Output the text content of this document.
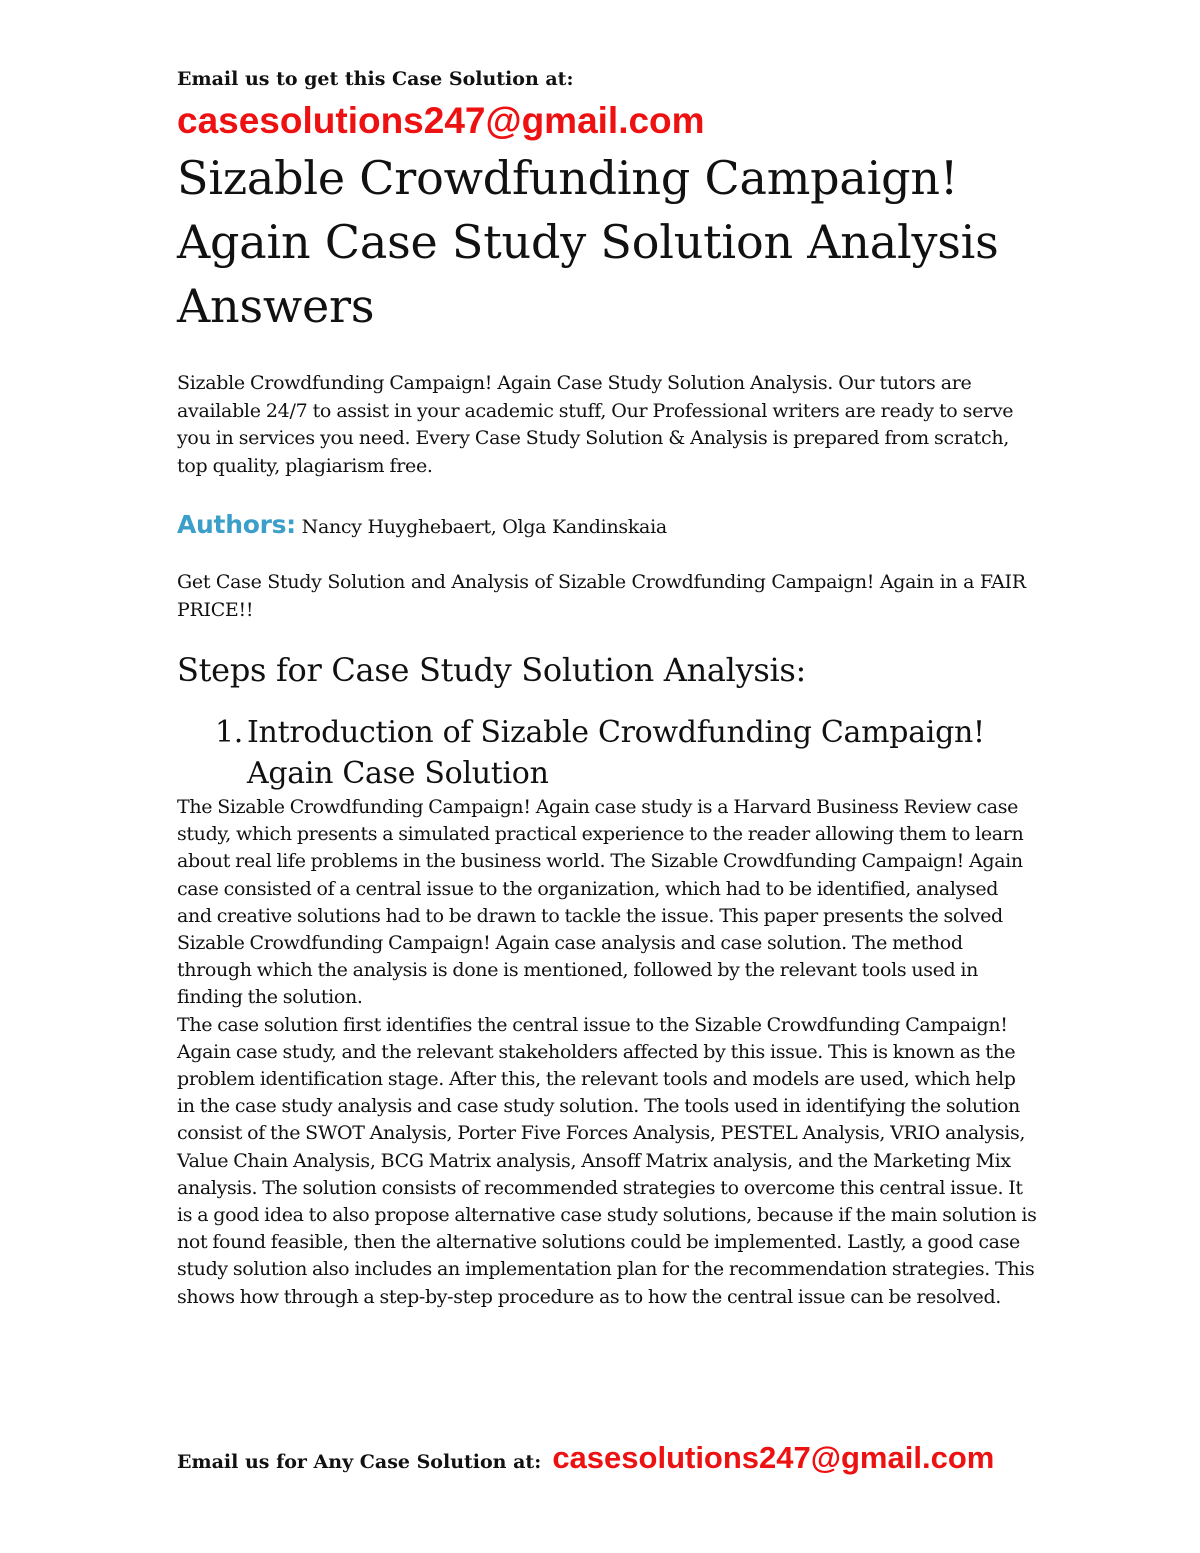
Email us to get this Case Solution at:

casesolutions247@gmail.com
Sizable Crowdfunding Campaign! Again Case Study Solution Analysis Answers

Sizable Crowdfunding Campaign! Again Case Study Solution Analysis. Our tutors are available 24/7 to assist in your academic stuff, Our Professional writers are ready to serve you in services you need. Every Case Study Solution & Analysis is prepared from scratch, top quality, plagiarism free.

Authors: Nancy Huyghebaert, Olga Kandinskaia

Get Case Study Solution and Analysis of Sizable Crowdfunding Campaign! Again in a FAIR PRICE!!

Steps for Case Study Solution Analysis:
1. Introduction of Sizable Crowdfunding Campaign! Again Case Solution

The Sizable Crowdfunding Campaign! Again case study is a Harvard Business Review case study, which presents a simulated practical experience to the reader allowing them to learn about real life problems in the business world. The Sizable Crowdfunding Campaign! Again case consisted of a central issue to the organization, which had to be identified, analysed and creative solutions had to be drawn to tackle the issue. This paper presents the solved Sizable Crowdfunding Campaign! Again case analysis and case solution. The method through which the analysis is done is mentioned, followed by the relevant tools used in finding the solution.

The case solution first identifies the central issue to the Sizable Crowdfunding Campaign! Again case study, and the relevant stakeholders affected by this issue. This is known as the problem identification stage. After this, the relevant tools and models are used, which help in the case study analysis and case study solution. The tools used in identifying the solution consist of the SWOT Analysis, Porter Five Forces Analysis, PESTEL Analysis, VRIO analysis, Value Chain Analysis, BCG Matrix analysis, Ansoff Matrix analysis, and the Marketing Mix analysis. The solution consists of recommended strategies to overcome this central issue. It is a good idea to also propose alternative case study solutions, because if the main solution is not found feasible, then the alternative solutions could be implemented. Lastly, a good case study solution also includes an implementation plan for the recommendation strategies. This shows how through a step-by-step procedure as to how the central issue can be resolved.

Email us for Any Case Solution at: casesolutions247@gmail.com
